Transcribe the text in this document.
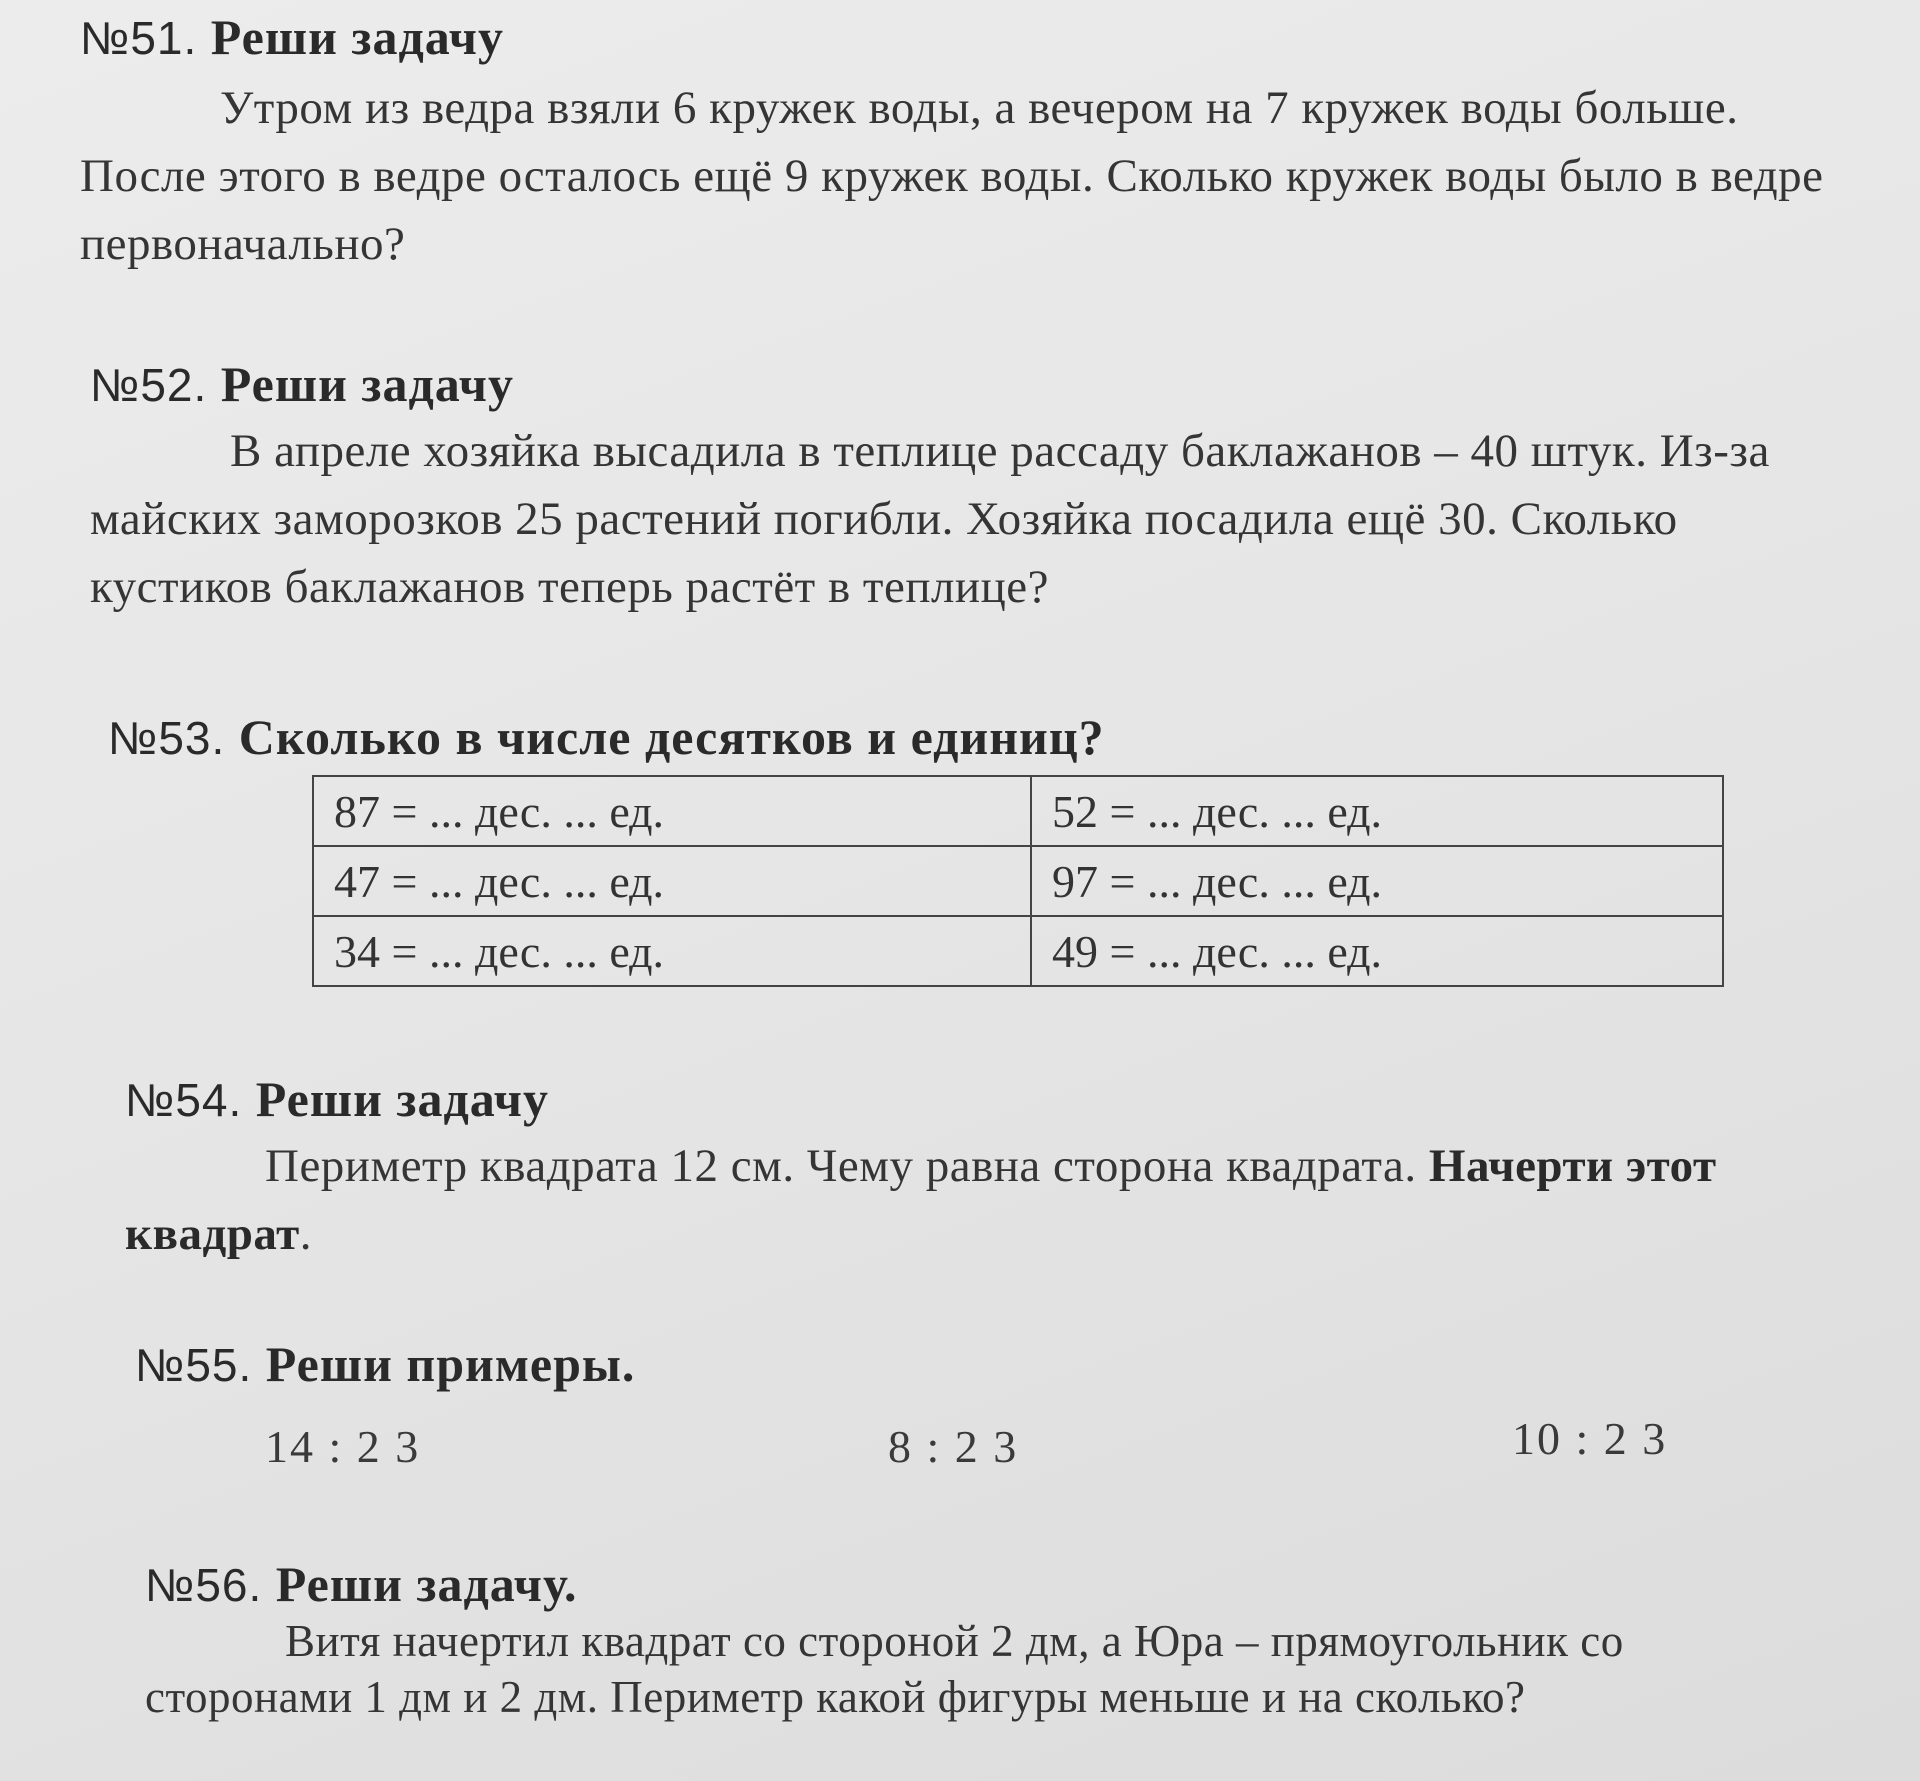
№51. Реши задачу
Утром из ведра взяли 6 кружек воды, а вечером на 7 кружек воды больше. После этого в ведре осталось ещё 9 кружек воды. Сколько кружек воды было в ведре первоначально?
№52. Реши задачу
В апреле хозяйка высадила в теплице рассаду баклажанов – 40 штук. Из-за майских заморозков 25 растений погибли. Хозяйка посадила ещё 30. Сколько кустиков баклажанов теперь растёт в теплице?
№53. Сколько в числе десятков и единиц?
87 = ... дес. ... ед.	52 = ... дес. ... ед.
47 = ... дес. ... ед.	97 = ... дес. ... ед.
34 = ... дес. ... ед.	49 = ... дес. ... ед.
№54. Реши задачу
Периметр квадрата 12 см. Чему равна сторона квадрата. Начерти этот квадрат.
№55. Реши примеры.
14 : 2 3	8 : 2 3	10 : 2 3
№56. Реши задачу.
Витя начертил квадрат со стороной 2 дм, а Юра – прямоугольник со сторонами 1 дм и 2 дм. Периметр какой фигуры меньше и на сколько?
